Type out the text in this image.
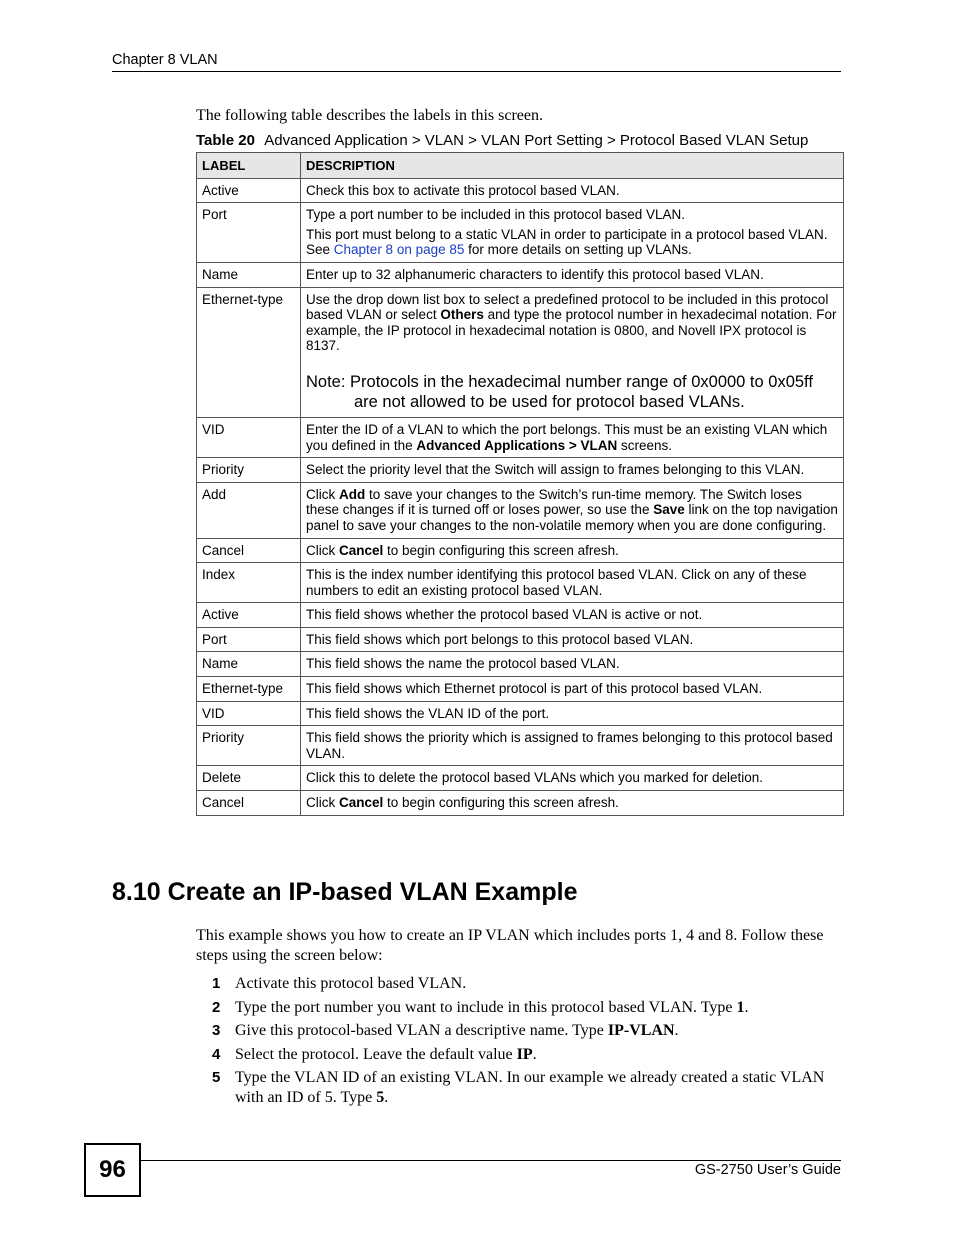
Chapter 8 VLAN
The following table describes the labels in this screen.
Table 20 Advanced Application > VLAN > VLAN Port Setting > Protocol Based VLAN Setup
LABEL	DESCRIPTION
Active	Check this box to activate this protocol based VLAN.
Port	Type a port number to be included in this protocol based VLAN.

This port must belong to a static VLAN in order to participate in a protocol based VLAN. See Chapter 8 on page 85 for more details on setting up VLANs.

Name	Enter up to 32 alphanumeric characters to identify this protocol based VLAN.
Ethernet-type	Use the drop down list box to select a predefined protocol to be included in this protocol based VLAN or select Others and type the protocol number in hexadecimal notation. For example, the IP protocol in hexadecimal notation is 0800, and Novell IPX protocol is 8137.

Note: Protocols in the hexadecimal number range of 0x0000 to 0x05ff
are not allowed to be used for protocol based VLANs.

VID	Enter the ID of a VLAN to which the port belongs. This must be an existing VLAN which you defined in the Advanced Applications > VLAN screens.
Priority	Select the priority level that the Switch will assign to frames belonging to this VLAN.
Add	Click Add to save your changes to the Switch’s run-time memory. The Switch loses these changes if it is turned off or loses power, so use the Save link on the top navigation panel to save your changes to the non-volatile memory when you are done configuring.
Cancel	Click Cancel to begin configuring this screen afresh.
Index	This is the index number identifying this protocol based VLAN. Click on any of these numbers to edit an existing protocol based VLAN.
Active	This field shows whether the protocol based VLAN is active or not.
Port	This field shows which port belongs to this protocol based VLAN.
Name	This field shows the name the protocol based VLAN.
Ethernet-type	This field shows which Ethernet protocol is part of this protocol based VLAN.
VID	This field shows the VLAN ID of the port.
Priority	This field shows the priority which is assigned to frames belonging to this protocol based VLAN.
Delete	Click this to delete the protocol based VLANs which you marked for deletion.
Cancel	Click Cancel to begin configuring this screen afresh.
8.10 Create an IP-based VLAN Example

This example shows you how to create an IP VLAN which includes ports 1, 4 and 8. Follow these steps using the screen below:

1 Activate this protocol based VLAN.
2 Type the port number you want to include in this protocol based VLAN. Type 1.
3 Give this protocol-based VLAN a descriptive name. Type IP-VLAN.
4 Select the protocol. Leave the default value IP.
5 Type the VLAN ID of an existing VLAN. In our example we already created a static VLAN with an ID of 5. Type 5.
96	GS-2750 User’s Guide
